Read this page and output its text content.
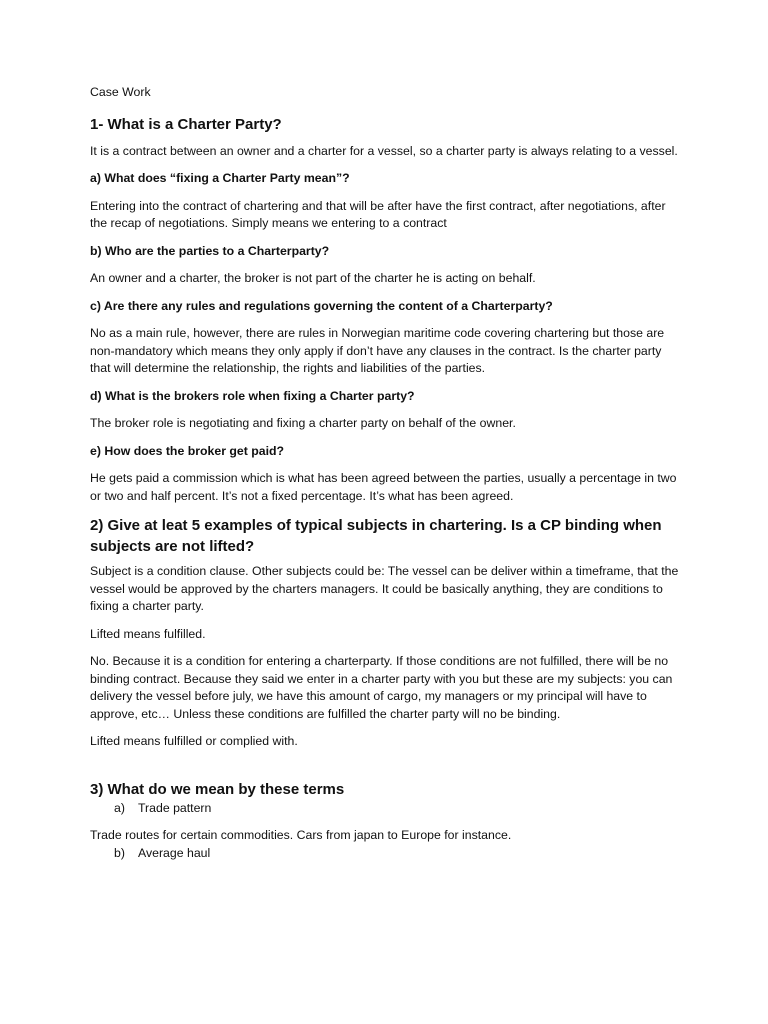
Case Work

1- What is a Charter Party?

It is a contract between an owner and a charter for a vessel, so a charter party is always relating to a vessel.

a) What does “fixing a Charter Party mean”?

Entering into the contract of chartering and that will be after have the first contract, after negotiations, after the recap of negotiations. Simply means we entering to a contract

b) Who are the parties to a Charterparty?

An owner and a charter, the broker is not part of the charter he is acting on behalf.

c) Are there any rules and regulations governing the content of a Charterparty?

No as a main rule, however, there are rules in Norwegian maritime code covering chartering but those are non-mandatory which means they only apply if don’t have any clauses in the contract. Is the charter party that will determine the relationship, the rights and liabilities of the parties.

d) What is the brokers role when fixing a Charter party?

The broker role is negotiating and fixing a charter party on behalf of the owner.

e) How does the broker get paid?

He gets paid a commission which is what has been agreed between the parties, usually a percentage in two or two and half percent. It’s not a fixed percentage. It’s what has been agreed.

2) Give at leat 5 examples of typical subjects in chartering. Is a CP binding when subjects are not lifted?

Subject is a condition clause. Other subjects could be: The vessel can be deliver within a timeframe, that the vessel would be approved by the charters managers. It could be basically anything, they are conditions to fixing a charter party.

Lifted means fulfilled.

No. Because it is a condition for entering a charterparty. If those conditions are not fulfilled, there will be no binding contract. Because they said we enter in a charter party with you but these are my subjects: you can delivery the vessel before july, we have this amount of cargo, my managers or my principal will have to approve, etc… Unless these conditions are fulfilled the charter party will no be binding.

Lifted means fulfilled or complied with.

3) What do we mean by these terms

a)	Trade pattern

Trade routes for certain commodities. Cars from japan to Europe for instance.

b)	Average haul
